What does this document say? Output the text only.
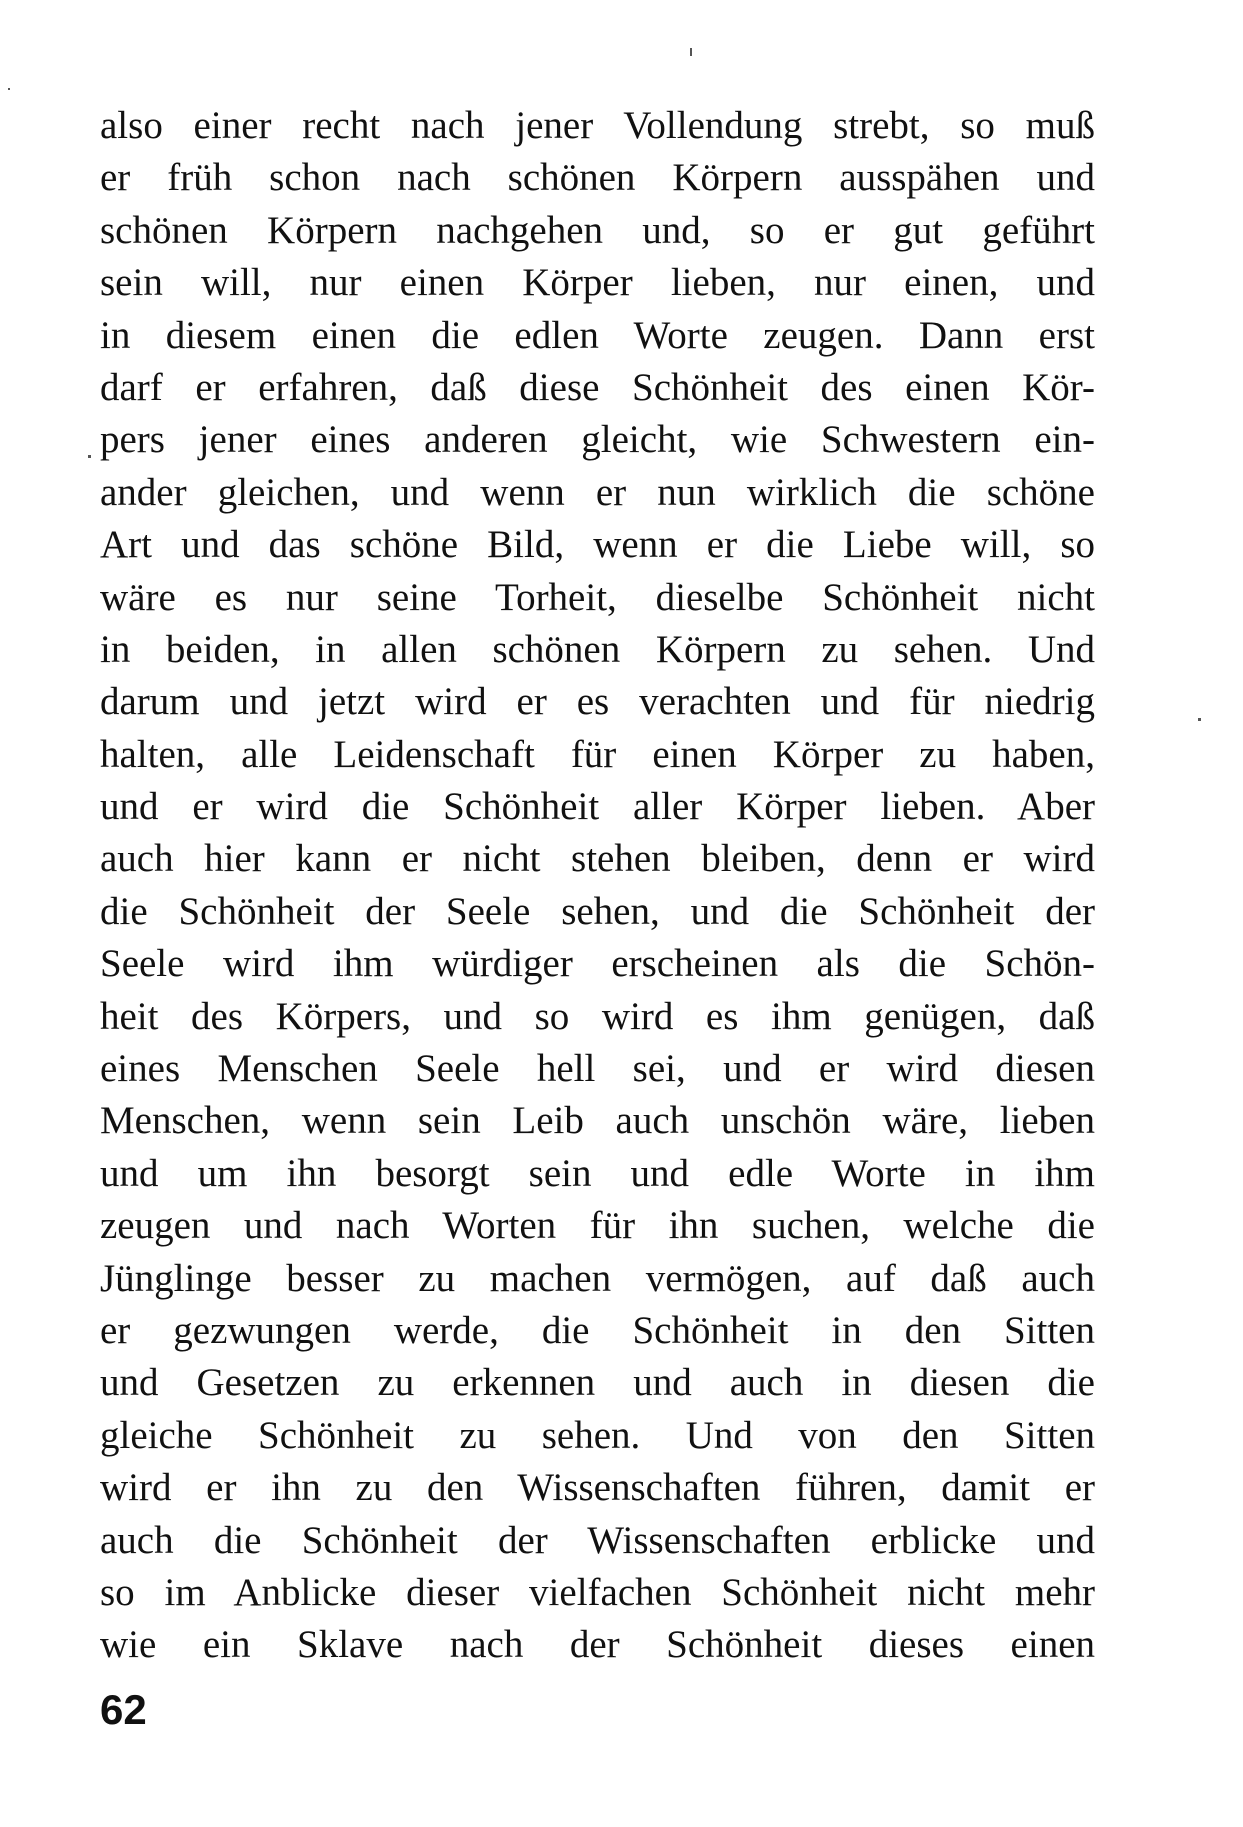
also einer recht nach jener Vollendung strebt, so muß
er früh schon nach schönen Körpern ausspähen und
schönen Körpern nachgehen und, so er gut geführt
sein will, nur einen Körper lieben, nur einen, und
in diesem einen die edlen Worte zeugen. Dann erst
darf er erfahren, daß diese Schönheit des einen Kör-
pers jener eines anderen gleicht, wie Schwestern ein-
ander gleichen, und wenn er nun wirklich die schöne
Art und das schöne Bild, wenn er die Liebe will, so
wäre es nur seine Torheit, dieselbe Schönheit nicht
in beiden, in allen schönen Körpern zu sehen. Und
darum und jetzt wird er es verachten und für niedrig
halten, alle Leidenschaft für einen Körper zu haben,
und er wird die Schönheit aller Körper lieben. Aber
auch hier kann er nicht stehen bleiben, denn er wird
die Schönheit der Seele sehen, und die Schönheit der
Seele wird ihm würdiger erscheinen als die Schön-
heit des Körpers, und so wird es ihm genügen, daß
eines Menschen Seele hell sei, und er wird diesen
Menschen, wenn sein Leib auch unschön wäre, lieben
und um ihn besorgt sein und edle Worte in ihm
zeugen und nach Worten für ihn suchen, welche die
Jünglinge besser zu machen vermögen, auf daß auch
er gezwungen werde, die Schönheit in den Sitten
und Gesetzen zu erkennen und auch in diesen die
gleiche Schönheit zu sehen. Und von den Sitten
wird er ihn zu den Wissenschaften führen, damit er
auch die Schönheit der Wissenschaften erblicke und
so im Anblicke dieser vielfachen Schönheit nicht mehr
wie ein Sklave nach der Schönheit dieses einen
62
